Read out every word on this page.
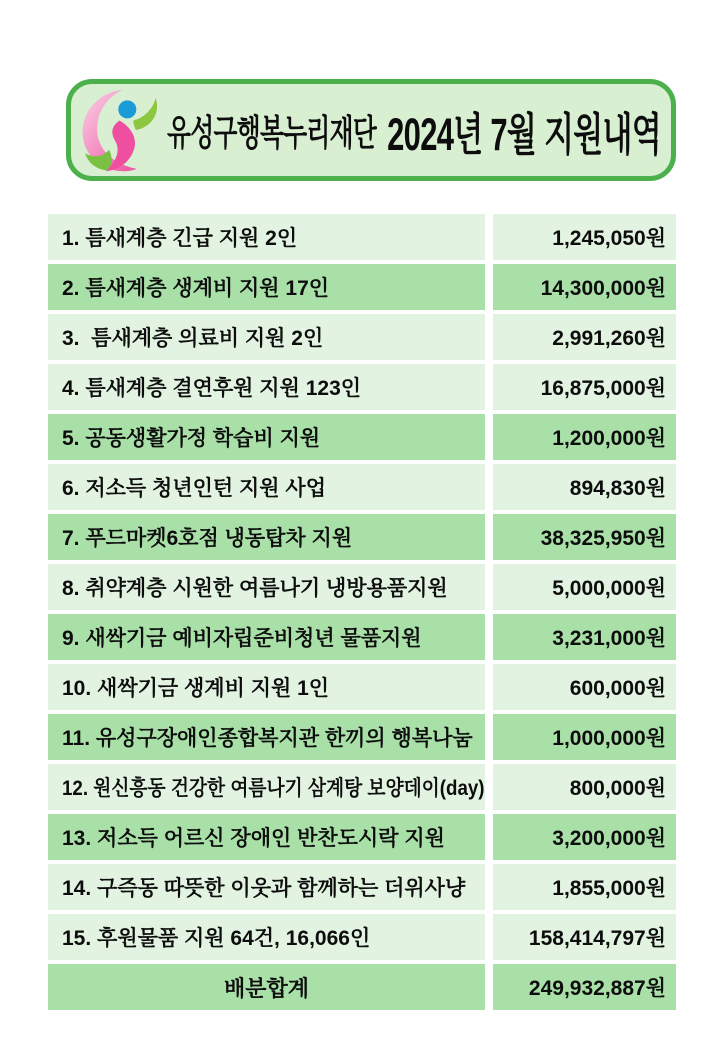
유성구행복누리재단 2024년 7월 지원내역
1. 틈새계층 긴급 지원 2인	1,245,050원
2. 틈새계층 생계비 지원 17인	14,300,000원
3.  틈새계층 의료비 지원 2인	2,991,260원
4. 틈새계층 결연후원 지원 123인	16,875,000원
5. 공동생활가정 학습비 지원	1,200,000원
6. 저소득 청년인턴 지원 사업	894,830원
7. 푸드마켓6호점 냉동탑차 지원	38,325,950원
8. 취약계층 시원한 여름나기 냉방용품지원	5,000,000원
9. 새싹기금 예비자립준비청년 물품지원	3,231,000원
10. 새싹기금 생계비 지원 1인	600,000원
11. 유성구장애인종합복지관 한끼의 행복나눔	1,000,000원
12. 원신흥동 건강한 여름나기 삼계탕 보양데이(day)	800,000원
13. 저소득 어르신 장애인 반찬도시락 지원	3,200,000원
14. 구즉동 따뜻한 이웃과 함께하는 더위사냥	1,855,000원
15. 후원물품 지원 64건, 16,066인	158,414,797원
배분합계	249,932,887원
